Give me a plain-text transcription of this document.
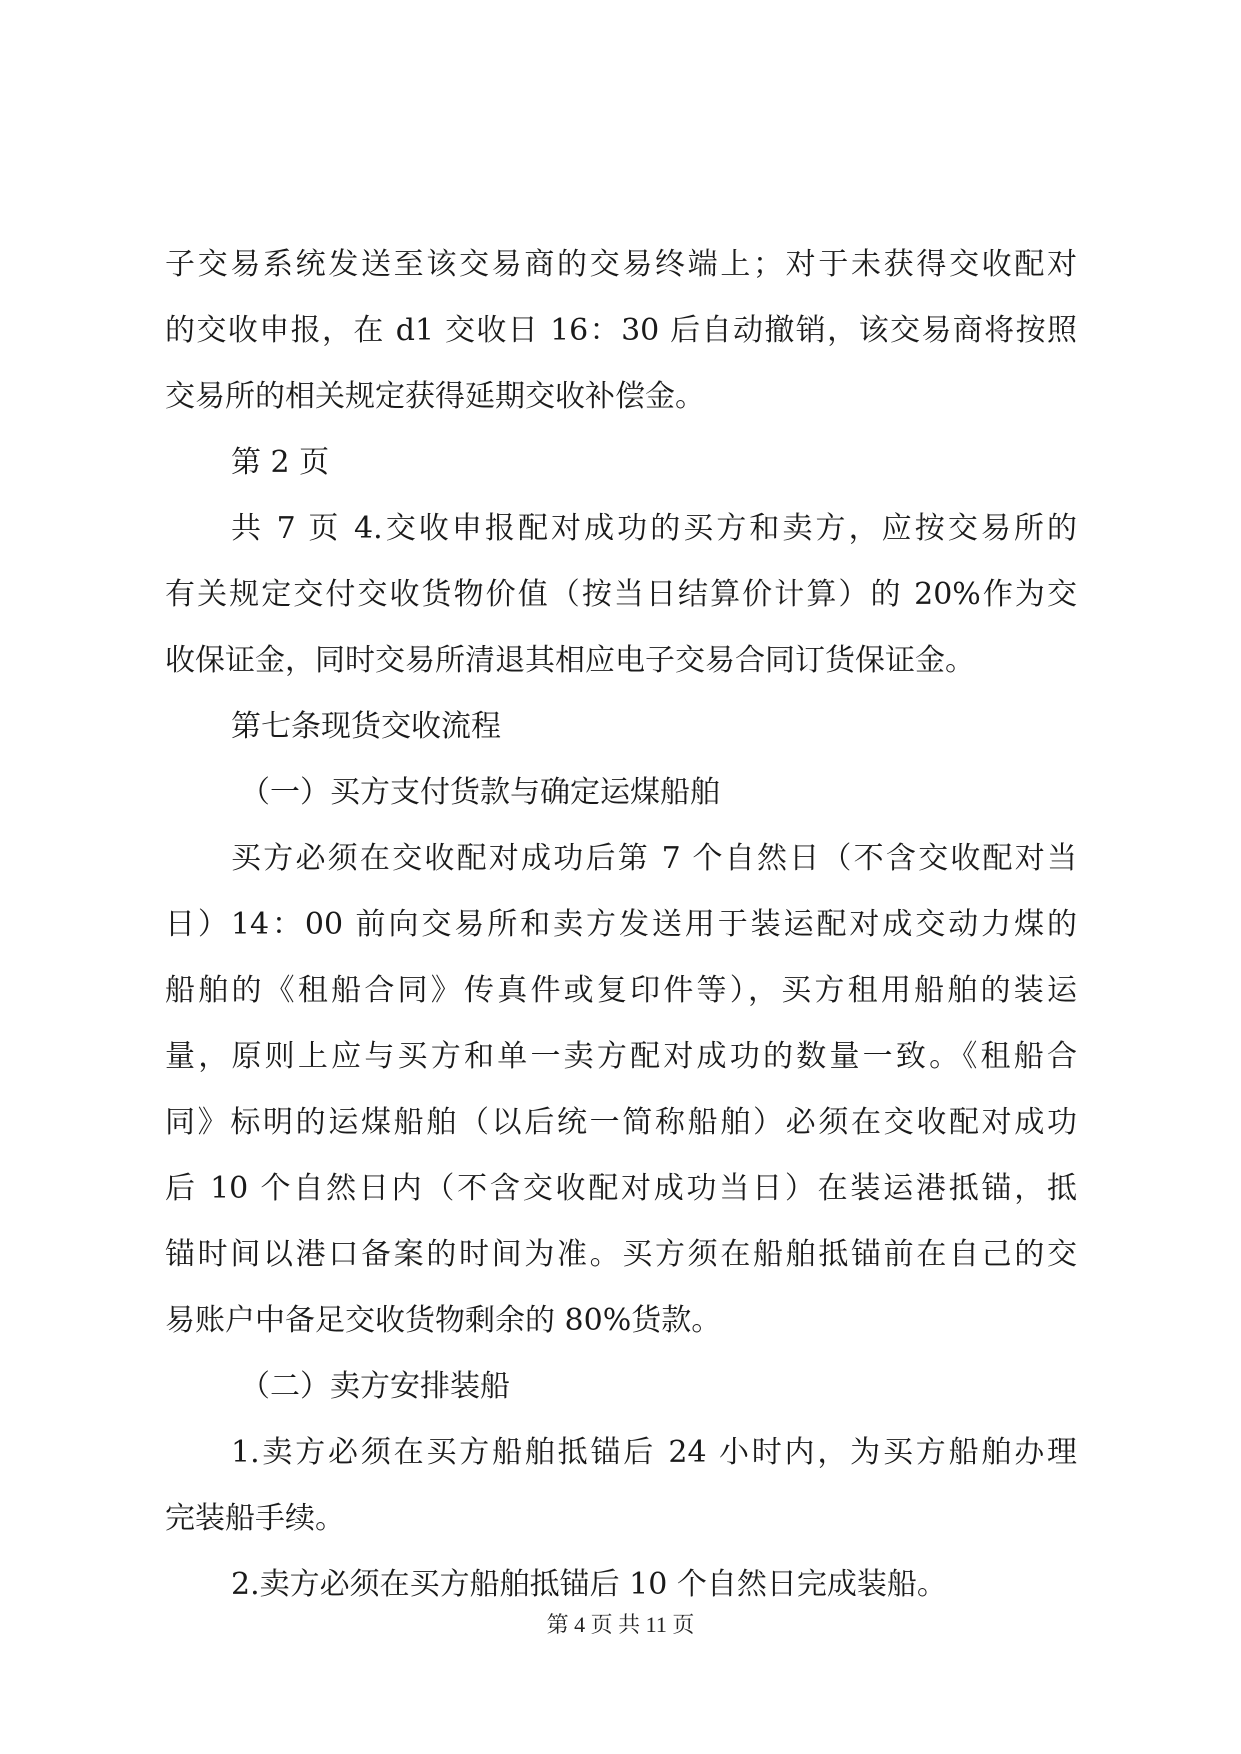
子交易系统发送至该交易商的交易终端上；对于未获得交收配对
的交收申报，在 d1 交收日 16：30 后自动撤销，该交易商将按照
交易所的相关规定获得延期交收补偿金。
第 2 页
共 7 页 4.交收申报配对成功的买方和卖方，应按交易所的
有关规定交付交收货物价值（按当日结算价计算）的 20%作为交
收保证金，同时交易所清退其相应电子交易合同订货保证金。
第七条现货交收流程
（一）买方支付货款与确定运煤船舶
买方必须在交收配对成功后第 7 个自然日（不含交收配对当
日）14：00 前向交易所和卖方发送用于装运配对成交动力煤的
船舶的《租船合同》传真件或复印件等），买方租用船舶的装运
量，原则上应与买方和单一卖方配对成功的数量一致。《租船合
同》标明的运煤船舶（以后统一简称船舶）必须在交收配对成功
后 10 个自然日内（不含交收配对成功当日）在装运港抵锚，抵
锚时间以港口备案的时间为准。买方须在船舶抵锚前在自己的交
易账户中备足交收货物剩余的 80%货款。
（二）卖方安排装船
1.卖方必须在买方船舶抵锚后 24 小时内，为买方船舶办理
完装船手续。
2.卖方必须在买方船舶抵锚后 10 个自然日完成装船。
第 4 页 共 11 页
